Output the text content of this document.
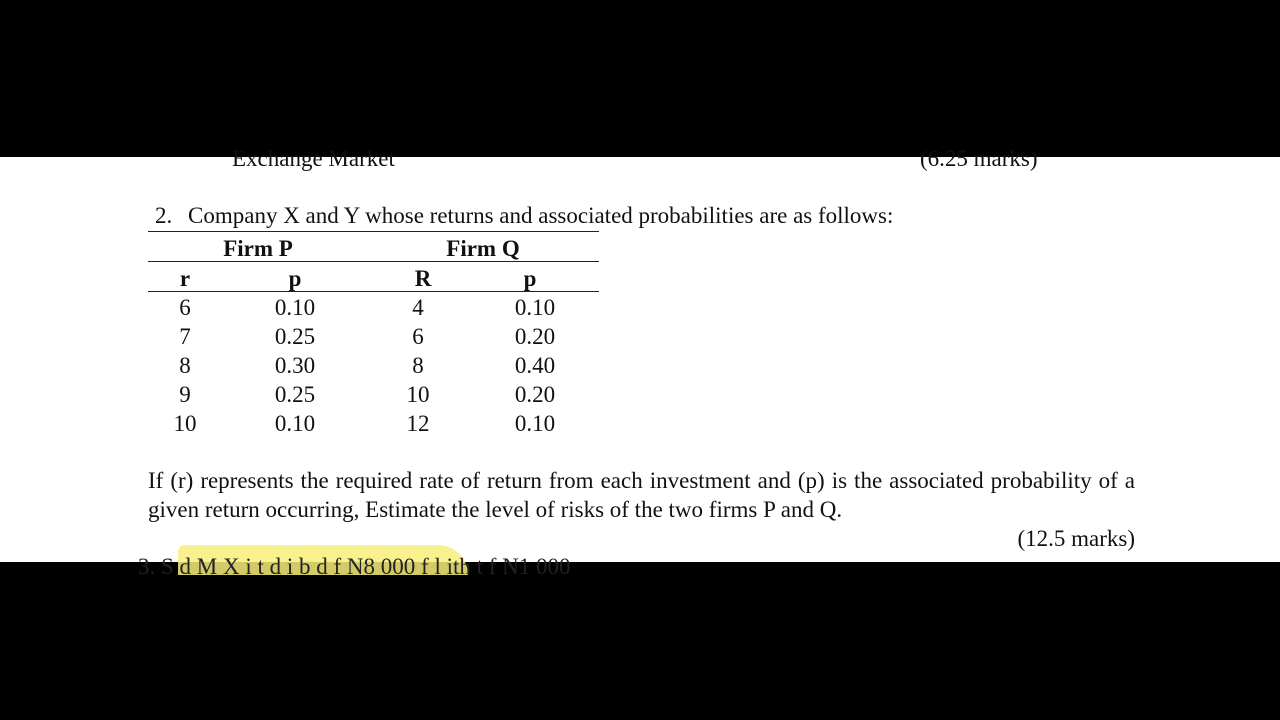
Exchange Market	(6.25 marks)
2. Company X and Y whose returns and associated probabilities are as follows:
Firm P	Firm Q
r	p	R	p
6	0.10	4	0.10
7	0.25	6	0.20
8	0.30	8	0.40
9	0.25	10	0.20
10	0.10	12	0.10
If (r) represents the required rate of return from each investment and (p) is the associated probability of a given return occurring, Estimate the level of risks of the two firms P and Q.
(12.5 marks)
3. S d M X i t d i b d f N8 000 f l ith t f N1 000
